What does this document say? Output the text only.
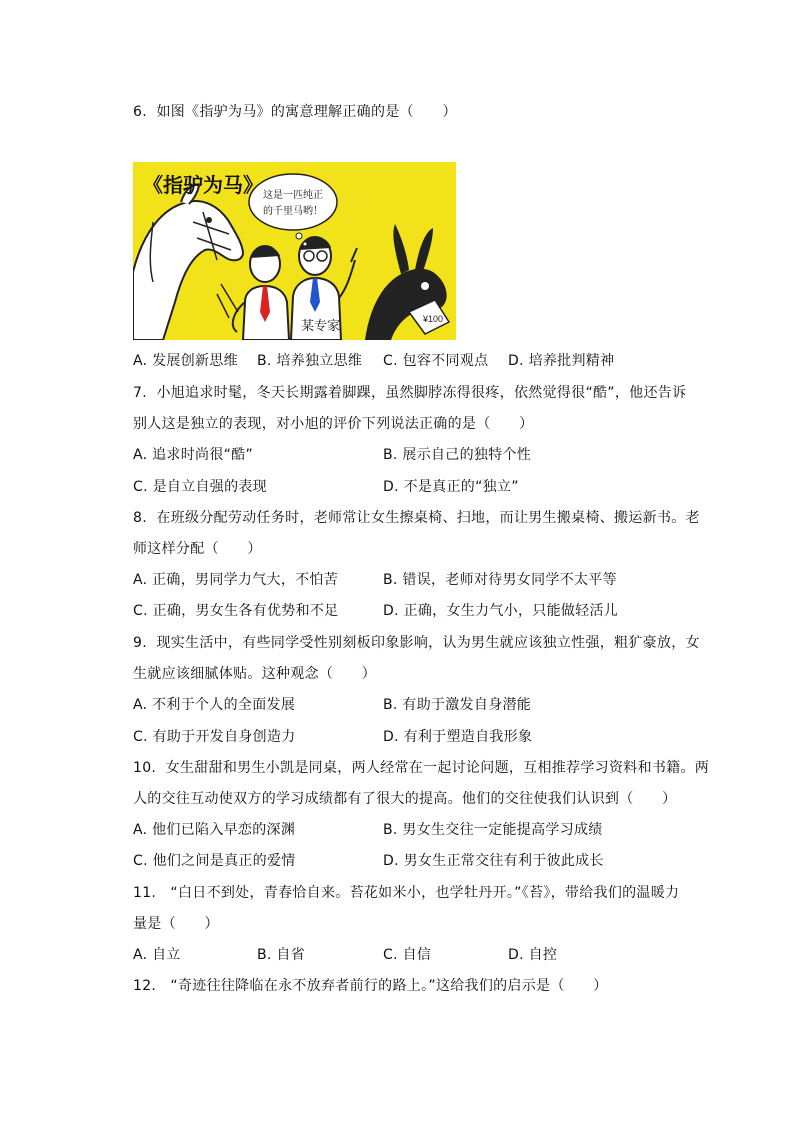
6.  如图《指驴为马》的寓意理解正确的是（　　）
¥100
这是一匹纯正
的千里马哟！
《指驴为马》
某专家
A. 发展创新思维 B. 培养独立思维 C. 包容不同观点 D. 培养批判精神
7.  小旭追求时髦，冬天长期露着脚踝，虽然脚脖冻得很疼，依然觉得很“酷”，他还告诉
别人这是独立的表现，对小旭的评价下列说法正确的是（　　）
A. 追求时尚很“酷”	B. 展示自己的独特个性
C. 是自立自强的表现	D. 不是真正的“独立”
8.  在班级分配劳动任务时，老师常让女生擦桌椅、扫地，而让男生搬桌椅、搬运新书。老
师这样分配（　　）
A. 正确，男同学力气大，不怕苦	B. 错误，老师对待男女同学不太平等
C. 正确，男女生各有优势和不足	D. 正确，女生力气小，只能做轻活儿
9.  现实生活中，有些同学受性别刻板印象影响，认为男生就应该独立性强，粗犷豪放，女
生就应该细腻体贴。这种观念（　　）
A. 不利于个人的全面发展	B. 有助于激发自身潜能
C. 有助于开发自身创造力	D. 有利于塑造自我形象
10.  女生甜甜和男生小凯是同桌，两人经常在一起讨论问题，互相推荐学习资料和书籍。两
人的交往互动使双方的学习成绩都有了很大的提高。他们的交往使我们认识到（　　）
A. 他们已陷入早恋的深渊	B. 男女生交往一定能提高学习成绩
C. 他们之间是真正的爱情	D. 男女生正常交往有利于彼此成长
11.   “白日不到处，青春恰自来。苔花如米小，也学牡丹开。”《苔》，带给我们的温暖力
量是（　　）
A. 自立	B. 自省	C. 自信	D. 自控
12.   “奇迹往往降临在永不放弃者前行的路上。”这给我们的启示是（　　）
